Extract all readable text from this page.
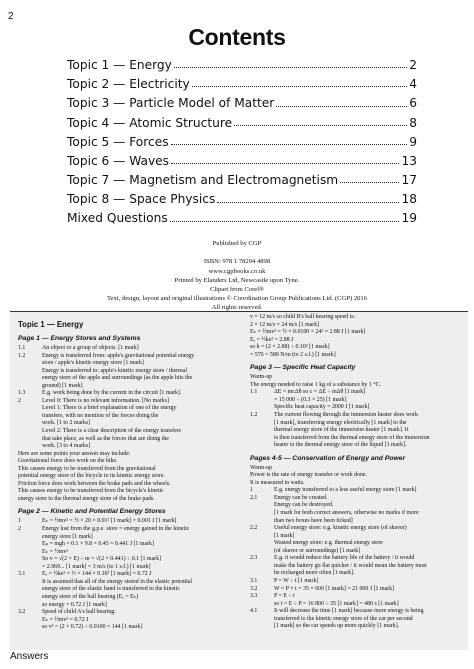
2
Contents
Topic 1 — Energy	2
Topic 2 — Electricity	4
Topic 3 — Particle Model of Matter	6
Topic 4 — Atomic Structure	8
Topic 5 — Forces	9
Topic 6 — Waves	13
Topic 7 — Magnetism and Electromagnetism	17
Topic 8 — Space Physics	18
Mixed Questions	19
Published by CGP

ISBN: 978 1 78294 4898
www.cgpbooks.co.uk
Printed by Elanders Ltd, Newcastle upon Tyne.
Clipart from Corel®
Text, design, layout and original illustrations © Coordination Group Publications Ltd. (CGP) 2016
All rights reserved.
Topic 1 — Energy
Page 1 — Energy Stores and Systems
1.1	An object or a group of objects. [1 mark]
1.2	Energy is transferred from: apple's gravitational potential energy
store / apple's kinetic energy store [1 mark]
Energy is transferred to: apple's kinetic energy store / thermal
energy store of the apple and surroundings (as the apple hits the
ground) [1 mark]
1.3	E.g. work being done by the current in the circuit [1 mark].
2	Level 0: There is no relevant information. [No marks]
Level 1: There is a brief explanation of one of the energy
transfers, with no mention of the forces doing the
work. [1 to 2 marks]
Level 2: There is a clear description of the energy transfers
that take place, as well as the forces that are doing the
work. [3 to 4 marks]
Here are some points your answer may include:
Gravitational force does work on the bike.
This causes energy to be transferred from the gravitational
potential energy store of the bicycle to its kinetic energy store.
Friction force does work between the brake pads and the wheels.
This causes energy to be transferred from the bicycle's kinetic
energy store to the thermal energy store of the brake pads.
Page 2 — Kinetic and Potential Energy Stores
1	Eₖ = ½mv² = ½ × 20 × 0.01² [1 mark] = 0.001 J [1 mark]
2	Energy lost from the g.p.e. store = energy gained in the kinetic
energy store [1 mark]
Eₚ = mgh = 0.1 × 9.8 × 0.45 = 0.441 J [1 mark]
Eₖ = ½mv²
So v = √(2 × E) ÷ m = √(2 × 0.441) ÷ 0.1 [1 mark]
= 2.969... [1 mark] = 3 m/s (to 1 s.f.) [1 mark]
3.1	Eₑ = ½ke² = ½ × 144 × 0.10² [1 mark] = 0.72 J
It is assumed that all of the energy stored in the elastic potential
energy store of the elastic band is transferred to the kinetic
energy store of the ball bearing (Eₑ = Eₖ)
so energy = 0.72 J [1 mark]
3.2	Speed of child A's ball bearing:
Eₖ = ½mv² = 0.72 J
so v² = (2 × 0.72) ÷ 0.0100 = 144 [1 mark]
v = 12 m/s so child B's ball bearing speed is:
2 × 12 m/s = 24 m/s [1 mark]
Eₖ = ½mv² = ½ × 0.0100 × 24² = 2.88 J [1 mark]
Eₑ = ½ke² = 2.88 J
so k = (2 × 2.88) ÷ 0.10² [1 mark]
= 576 = 580 N/m (to 2 s.f.) [1 mark]
Page 3 — Specific Heat Capacity
Warm-up
The energy needed to raise 1 kg of a substance by 1 °C.
1.1	ΔE = mcΔθ so c = ΔE ÷ mΔθ [1 mark]
= 15 000 ÷ (0.3 × 25) [1 mark]
Specific heat capacity = 2000 J [1 mark]
1.2	The current flowing through the immersion heater does work
[1 mark], transferring energy electrically [1 mark] to the
thermal energy store of the immersion heater [1 mark]. It
is then transferred from the thermal energy store of the immersion
heater to the thermal energy store of the liquid [1 mark].
Pages 4-5 — Conservation of Energy and Power
Warm-up
Power is the rate of energy transfer or work done.
It is measured in watts.
1	E.g. energy transferred to a less useful energy store [1 mark]
2.1	Energy can be created.
Energy can be destroyed.
[1 mark for both correct answers, otherwise no marks if more
than two boxes have been ticked]
2.2	Useful energy store: e.g. kinetic energy store (of shaver)
[1 mark]
Wasted energy store: e.g. thermal energy store
(of shaver or surroundings) [1 mark]
2.3	E.g. it would reduce the battery life of the battery / it would
make the battery go flat quicker / it would mean the battery must
be recharged more often [1 mark].
3.1	P = W ÷ t [1 mark]
3.2	W = P × t = 35 × 600 [1 mark] = 21 000 J [1 mark]
3.3	P = E ÷ t
so t = E ÷ P = 16 800 ÷ 35 [1 mark] = 480 s [1 mark]
4.1	It will decrease the time [1 mark] because more energy is being
transferred to the kinetic energy store of the car per second
[1 mark] so the car speeds up more quickly [1 mark].
Answers
